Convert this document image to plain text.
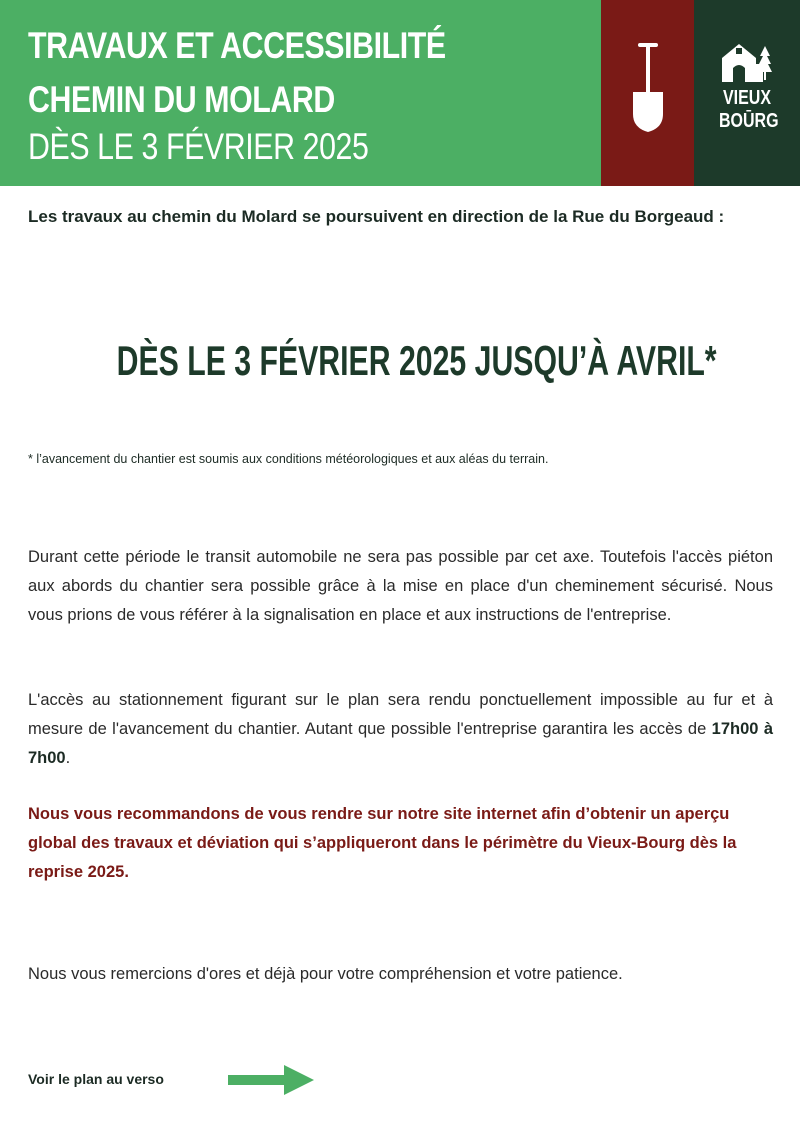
TRAVAUX ET ACCESSIBILITÉ
CHEMIN DU MOLARD
DÈS LE 3 FÉVRIER 2025
VIEUX
BOŪRG

Les travaux au chemin du Molard se poursuivent en direction de la Rue du Borgeaud :

DÈS LE 3 FÉVRIER 2025 JUSQU’À AVRIL*

* l’avancement du chantier est soumis aux conditions météorologiques et aux aléas du terrain.

Durant cette période le transit automobile ne sera pas possible par cet axe. Toutefois l'accès piéton aux abords du chantier sera possible grâce à la mise en place d'un cheminement sécurisé. Nous vous prions de vous référer à la signalisation en place et aux instructions de l'entreprise.

L'accès au stationnement figurant sur le plan sera rendu ponctuellement impossible au fur et à mesure de l'avancement du chantier. Autant que possible l'entreprise garantira les accès de 17h00 à 7h00.

Nous vous recommandons de vous rendre sur notre site internet afin d’obtenir un aperçu global des travaux et déviation qui s’appliqueront dans le périmètre du Vieux-Bourg dès la reprise 2025.

Nous vous remercions d'ores et déjà pour votre compréhension et votre patience.

Voir le plan au verso
